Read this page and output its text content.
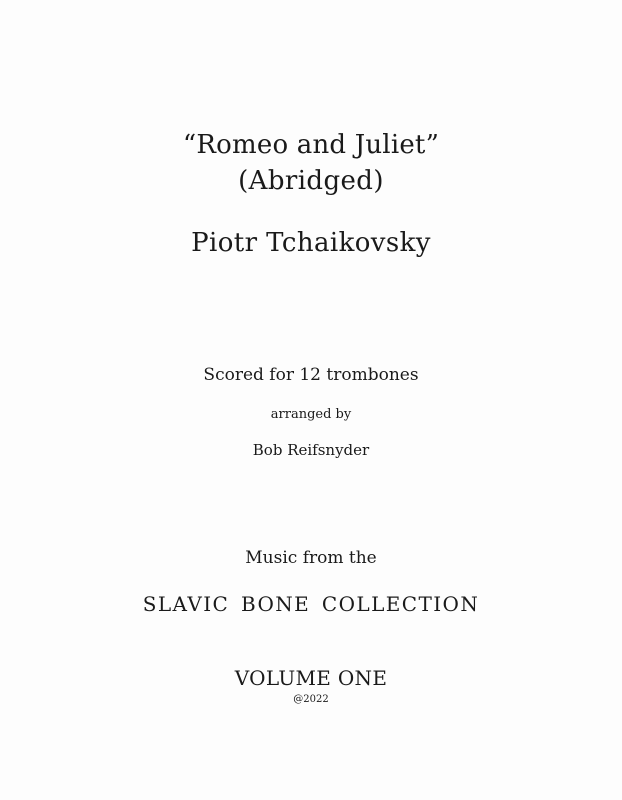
“Romeo and Juliet”
(Abridged)
Piotr Tchaikovsky
Scored for 12 trombones
arranged by
Bob Reifsnyder
Music from the
SLAVIC BONE COLLECTION
VOLUME ONE
@2022
